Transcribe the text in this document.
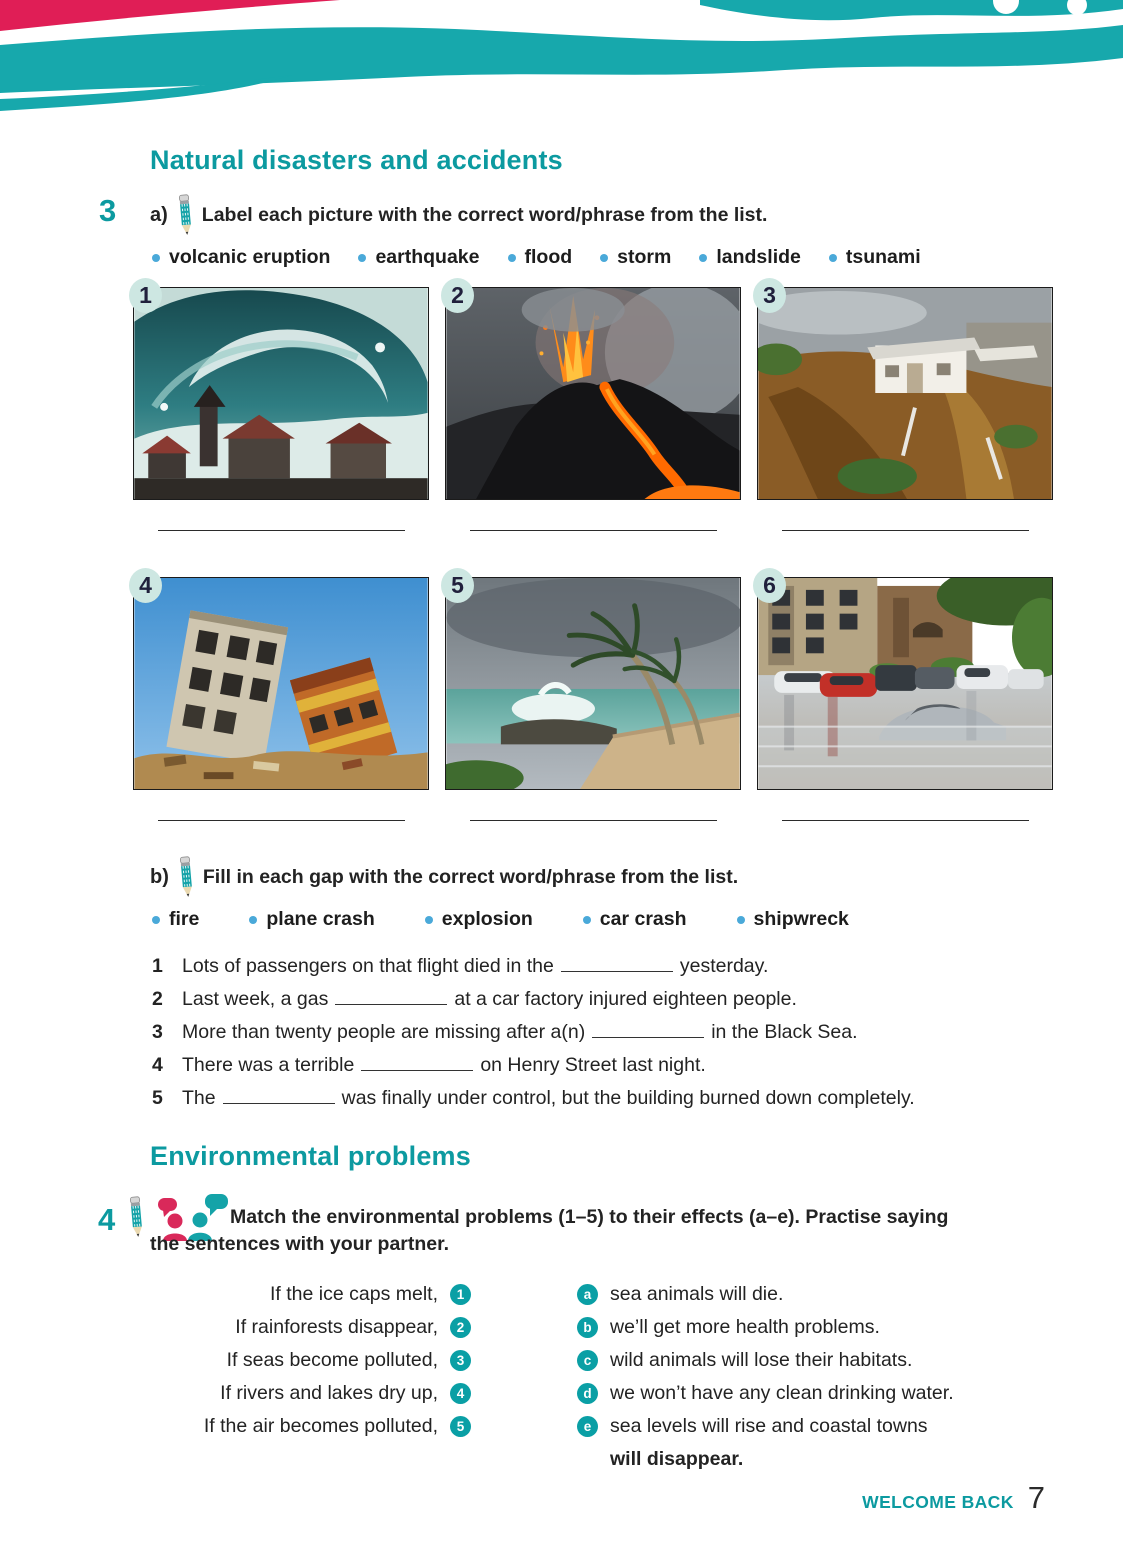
Natural disasters and accidents
3 a) Label each picture with the correct word/phrase from the list.
volcanic eruption earthquake flood storm landslide tsunami
1	2	3
4	5	6
b) Fill in each gap with the correct word/phrase from the list.
fire	plane crash	explosion	car crash	shipwreck
1 Lots of passengers on that flight died in the	yesterday.
2 Last week, a gas	at a car factory injured eighteen people.
3 More than twenty people are missing after a(n)	in the Black Sea.
4 There was a terrible	on Henry Street last night.
5 The	was finally under control, but the building burned down completely.
Environmental problems
4	Match the environmental problems (1–5) to their effects (a–e). Practise saying
the sentences with your partner.
If the ice caps melt,	1	a sea animals will die.
If rainforests disappear,	2	b we’ll get more health problems.
If seas become polluted,	3	c wild animals will lose their habitats.
If rivers and lakes dry up,	4	d we won’t have any clean drinking water.
If the air becomes polluted,	5	e sea levels will rise and coastal towns
will disappear.
WELCOME BACK 7
